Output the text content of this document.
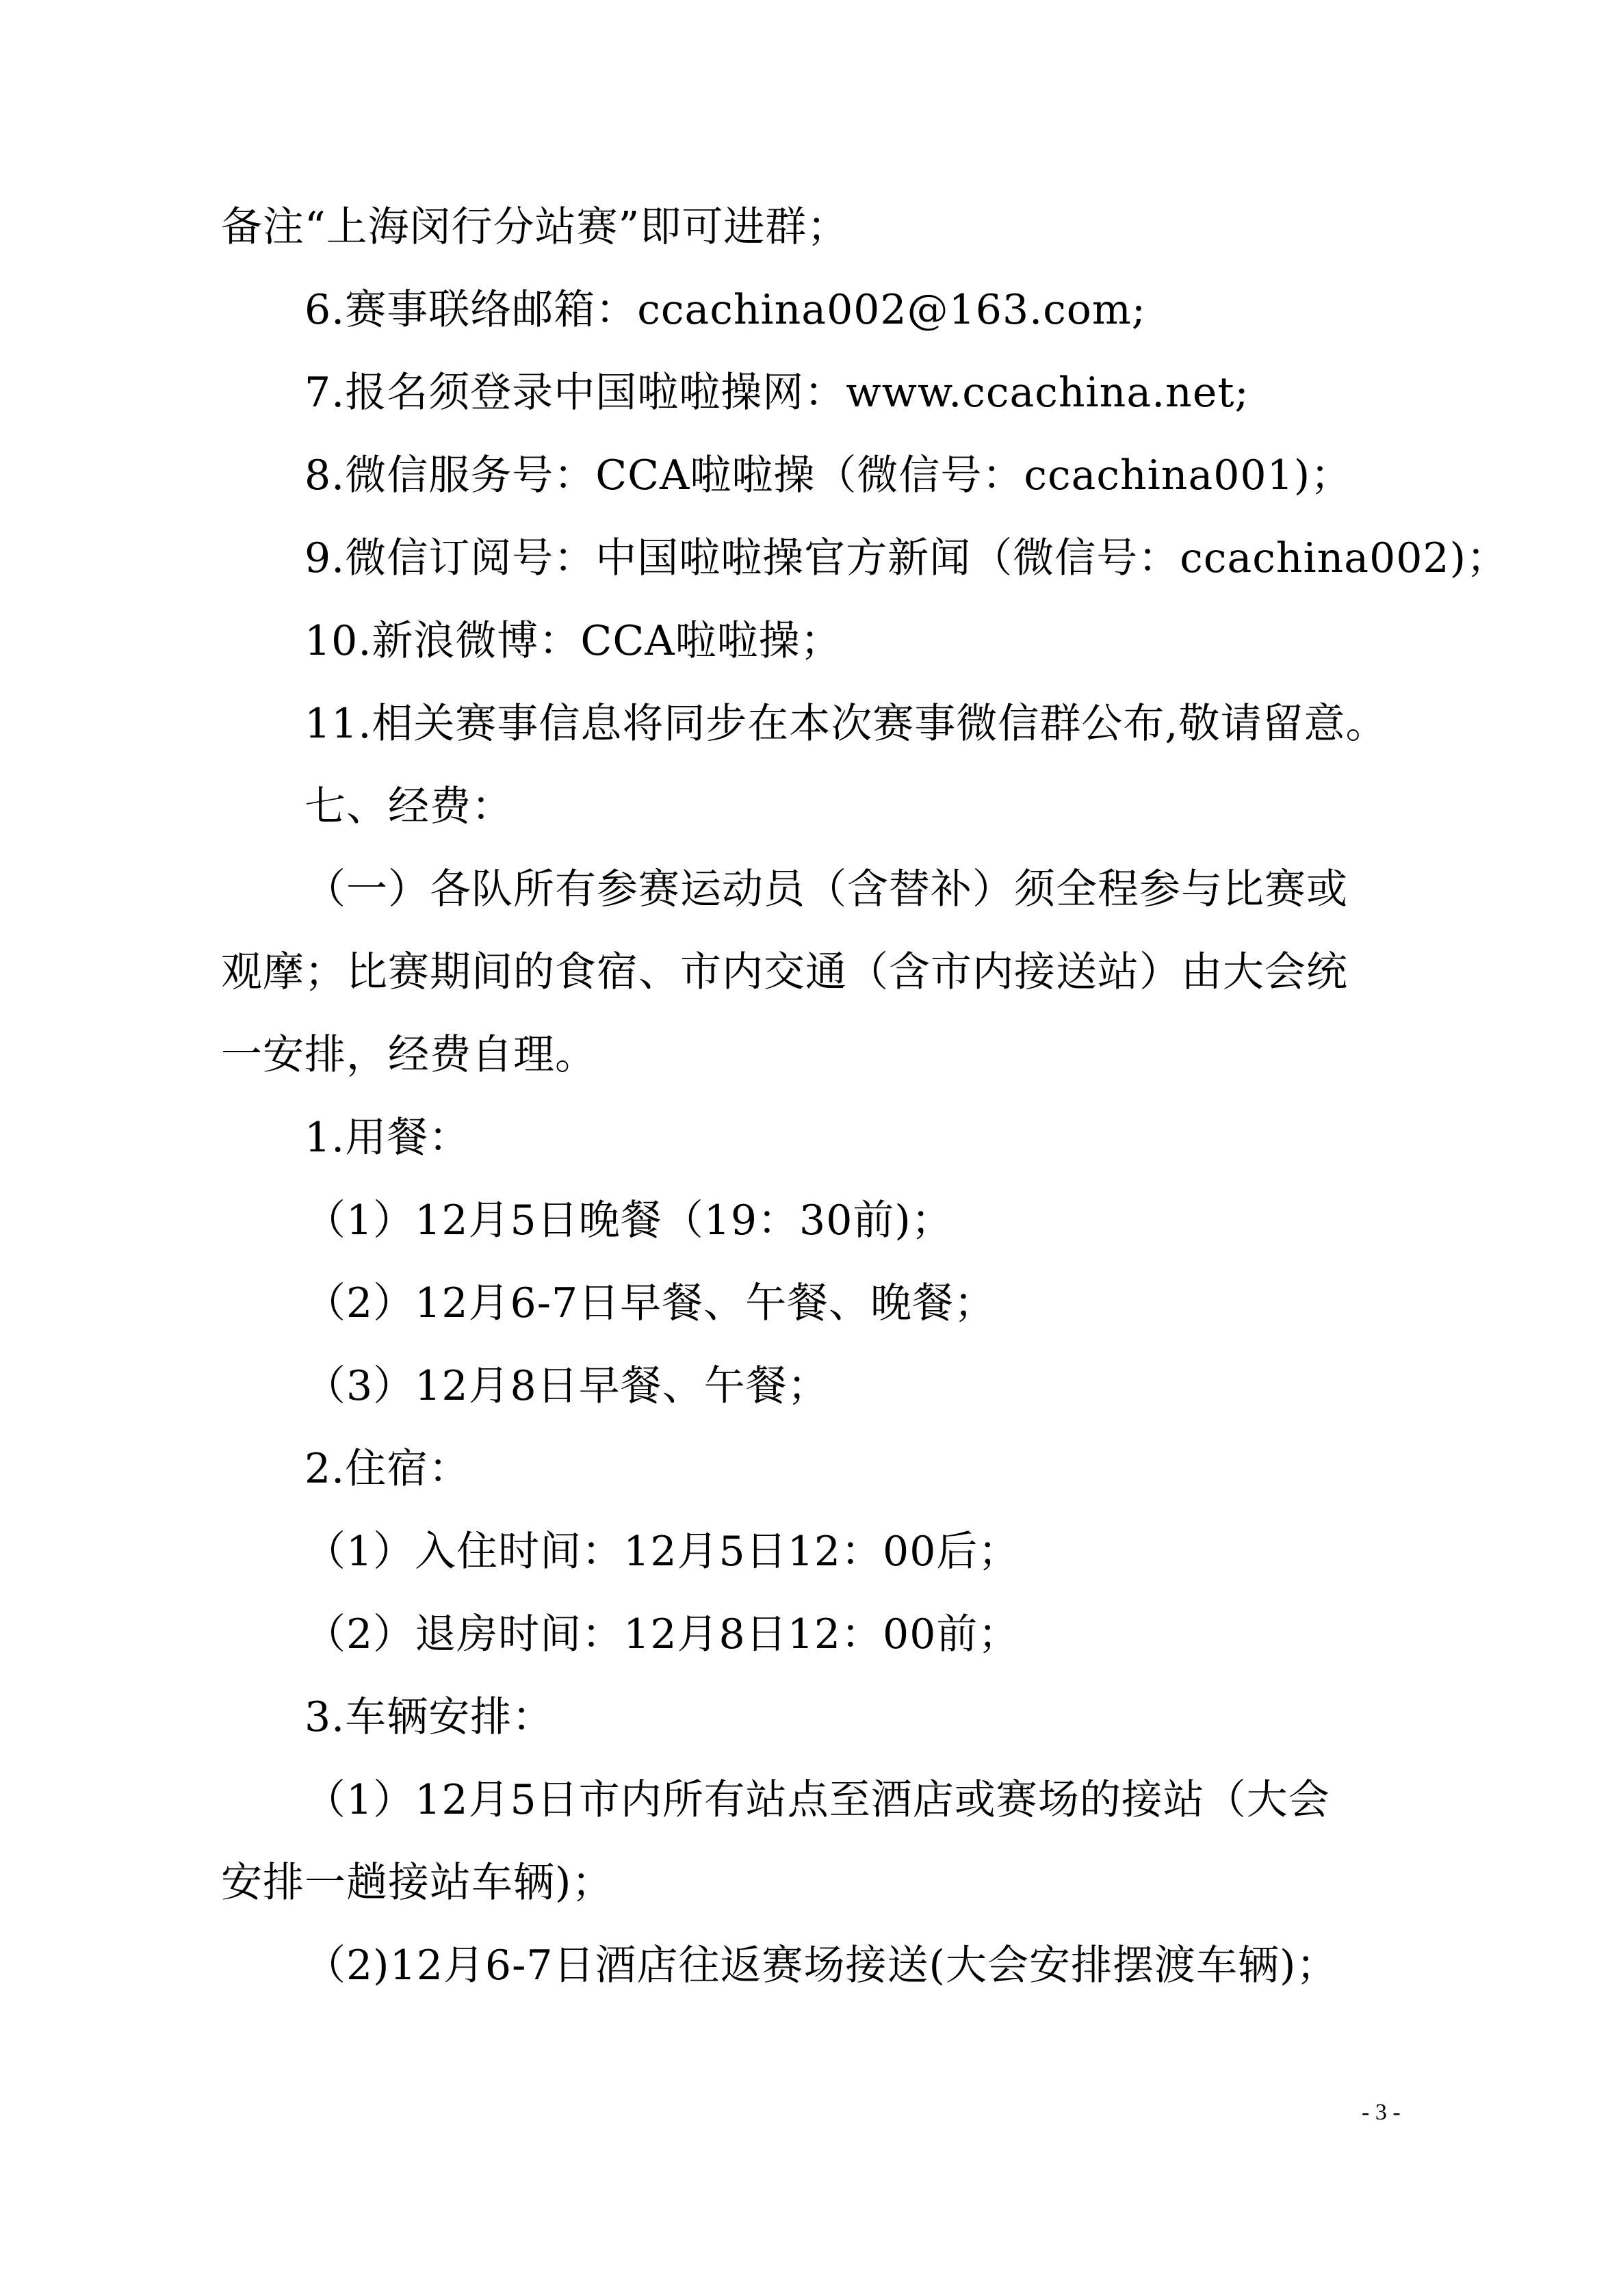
备注“上海闵行分站赛”即可进群；
6.赛事联络邮箱：ccachina002@163.com;
7.报名须登录中国啦啦操网：www.ccachina.net;
8.微信服务号：CCA啦啦操（微信号：ccachina001)；
9.微信订阅号：中国啦啦操官方新闻（微信号：ccachina002)；
10.新浪微博：CCA啦啦操；
11.相关赛事信息将同步在本次赛事微信群公布,敬请留意。
七、经费：
（一）各队所有参赛运动员（含替补）须全程参与比赛或
观摩；比赛期间的食宿、市内交通（含市内接送站）由大会统
一安排，经费自理。
1.用餐：
（1）12月5日晚餐（19：30前)；
（2）12月6-7日早餐、午餐、晚餐；
（3）12月8日早餐、午餐；
2.住宿：
（1）入住时间：12月5日12：00后；
（2）退房时间：12月8日12：00前；
3.车辆安排：
（1）12月5日市内所有站点至酒店或赛场的接站（大会
安排一趟接站车辆)；
（2)12月6-7日酒店往返赛场接送(大会安排摆渡车辆)；
- 3 -
